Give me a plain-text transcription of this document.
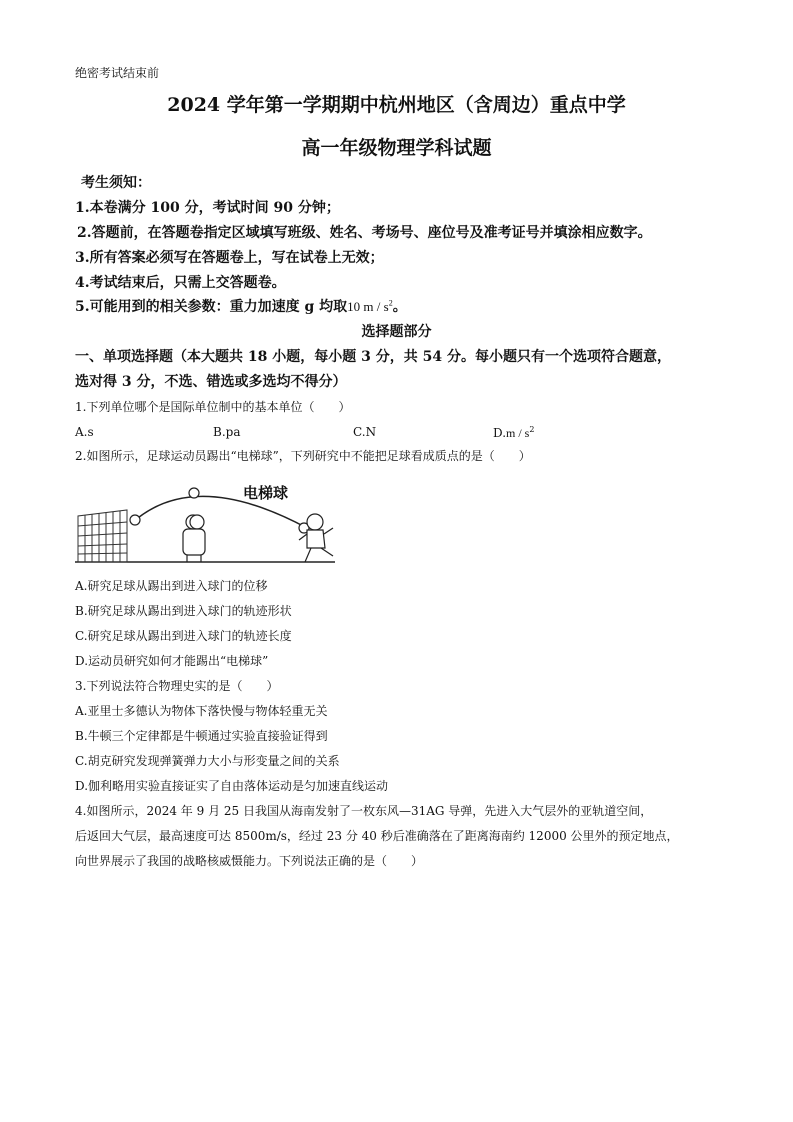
绝密考试结束前
2024 学年第一学期期中杭州地区（含周边）重点中学
高一年级物理学科试题
考生须知：
1.本卷满分 100 分，考试时间 90 分钟；
2.答题前，在答题卷指定区域填写班级、姓名、考场号、座位号及准考证号并填涂相应数字。
3.所有答案必须写在答题卷上，写在试卷上无效；
4.考试结束后，只需上交答题卷。
5.可能用到的相关参数：重力加速度 g 均取10 m / $s^2$。
选择题部分
一、单项选择题（本大题共 18 小题，每小题 3 分，共 54 分。每小题只有一个选项符合题意，
选对得 3 分，不选、错选或多选均不得分）
1.下列单位哪个是国际单位制中的基本单位（　　）
A.s	B.pa	C.N	$D.m / s^2$
2.如图所示，足球运动员踢出“电梯球”，下列研究中不能把足球看成质点的是（　　）
电梯球
A.研究足球从踢出到进入球门的位移
B.研究足球从踢出到进入球门的轨迹形状
C.研究足球从踢出到进入球门的轨迹长度
D.运动员研究如何才能踢出“电梯球”
3.下列说法符合物理史实的是（　　）
A.亚里士多德认为物体下落快慢与物体轻重无关
B.牛顿三个定律都是牛顿通过实验直接验证得到
C.胡克研究发现弹簧弹力大小与形变量之间的关系
D.伽利略用实验直接证实了自由落体运动是匀加速直线运动
4.如图所示，2024 年 9 月 25 日我国从海南发射了一枚东风—31AG 导弹，先进入大气层外的亚轨道空间，
后返回大气层，最高速度可达 8500m/s，经过 23 分 40 秒后准确落在了距离海南约 12000 公里外的预定地点，
向世界展示了我国的战略核威慑能力。下列说法正确的是（　　）
